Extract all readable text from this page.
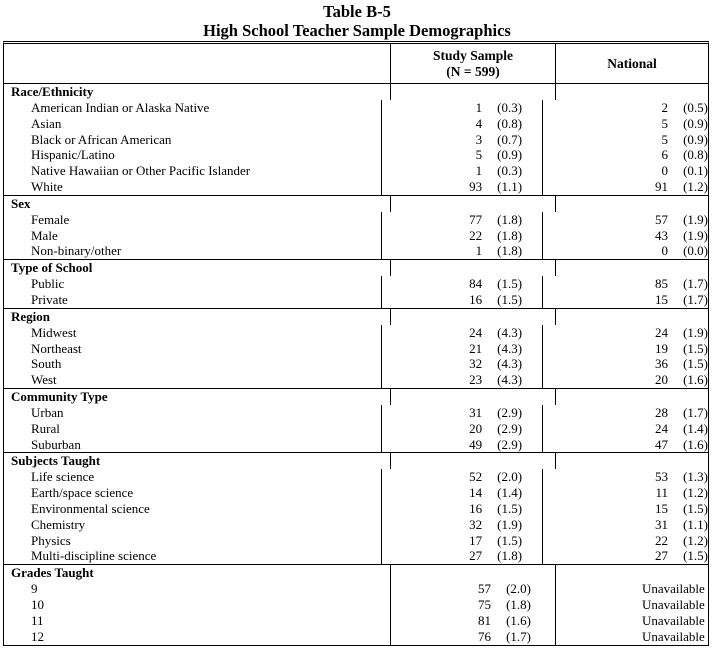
Table B-5
High School Teacher Sample Demographics
Study Sample
(N = 599)
National
Race/Ethnicity
American Indian or Alaska Native	1 (0.3)	2 (0.5)
Asian	4 (0.8)	5 (0.9)
Black or African American	3 (0.7)	5 (0.9)
Hispanic/Latino	5 (0.9)	6 (0.8)
Native Hawaiian or Other Pacific Islander	1 (0.3)	0 (0.1)
White	93 (1.1)	91 (1.2)
Sex
Female	77 (1.8)	57 (1.9)
Male	22 (1.8)	43 (1.9)
Non-binary/other	1 (1.8)	0 (0.0)
Type of School
Public	84 (1.5)	85 (1.7)
Private	16 (1.5)	15 (1.7)
Region
Midwest	24 (4.3)	24 (1.9)
Northeast	21 (4.3)	19 (1.5)
South	32 (4.3)	36 (1.5)
West	23 (4.3)	20 (1.6)
Community Type
Urban	31 (2.9)	28 (1.7)
Rural	20 (2.9)	24 (1.4)
Suburban	49 (2.9)	47 (1.6)
Subjects Taught
Life science	52 (2.0)	53 (1.3)
Earth/space science	14 (1.4)	11 (1.2)
Environmental science	16 (1.5)	15 (1.5)
Chemistry	32 (1.9)	31 (1.1)
Physics	17 (1.5)	22 (1.2)
Multi-discipline science	27 (1.8)	27 (1.5)
Grades Taught
9	57 (2.0)	Unavailable
10	75 (1.8)	Unavailable
11	81 (1.6)	Unavailable
12	76 (1.7)	Unavailable
